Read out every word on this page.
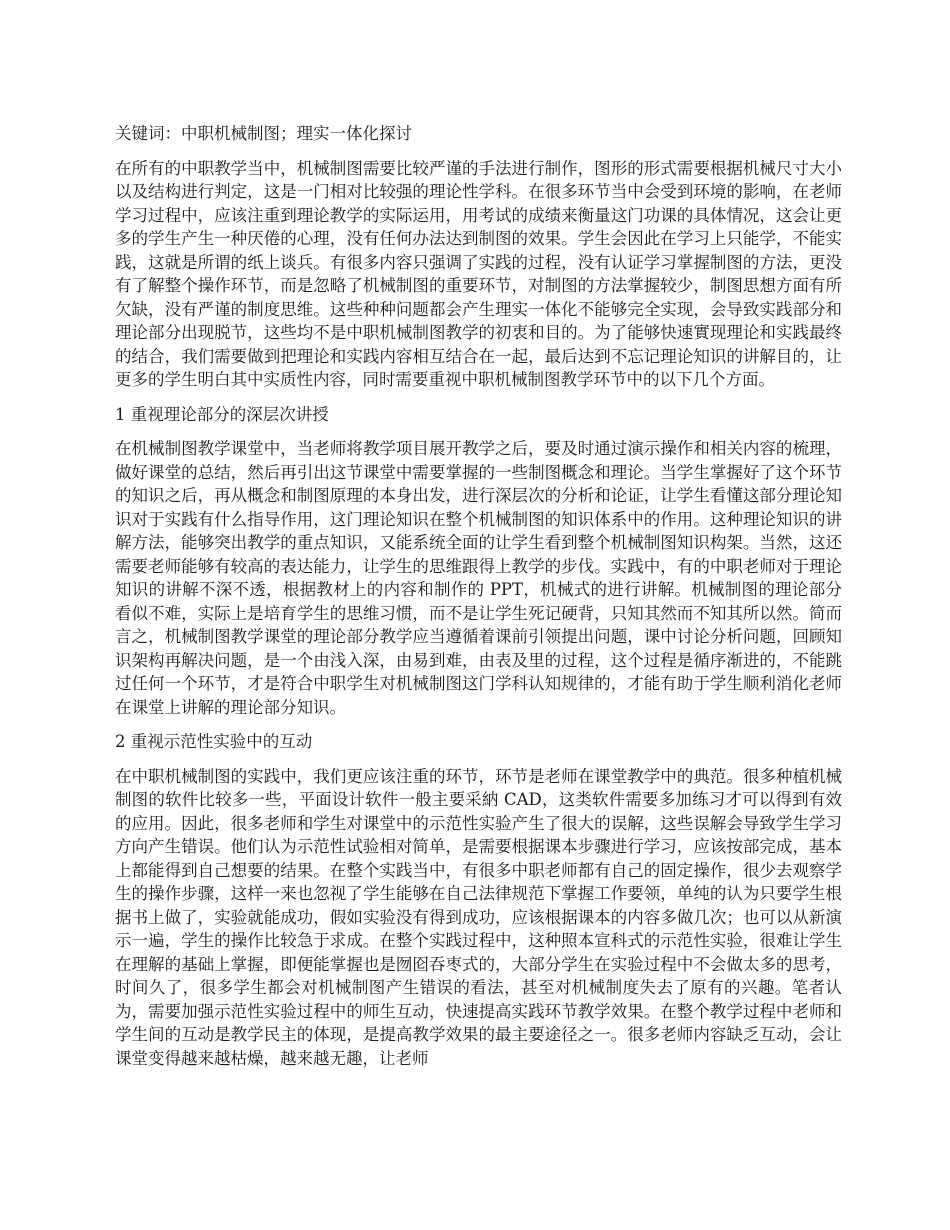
关键词：中职机械制图；理实一体化探讨
在所有的中职教学当中，机械制图需要比较严谨的手法进行制作，图形的形式需要根据机械尺寸大小以及结构进行判定，这是一门相对比较强的理论性学科。在很多环节当中会受到环境的影响，在老师学习过程中，应该注重到理论教学的实际运用，用考试的成绩来衡量这门功课的具体情况，这会让更多的学生产生一种厌倦的心理，没有任何办法达到制图的效果。学生会因此在学习上只能学，不能实践，这就是所谓的纸上谈兵。有很多内容只强调了实践的过程，没有认证学习掌握制图的方法，更没有了解整个操作环节，而是忽略了机械制图的重要环节，对制图的方法掌握较少，制图思想方面有所欠缺，没有严谨的制度思维。这些种种问题都会产生理实一体化不能够完全实现，会导致实践部分和理论部分出现脱节，这些均不是中职机械制图教学的初衷和目的。为了能够快速實现理论和实践最终的结合，我们需要做到把理论和实践内容相互结合在一起，最后达到不忘记理论知识的讲解目的，让更多的学生明白其中实质性内容，同时需要重视中职机械制图教学环节中的以下几个方面。
1 重视理论部分的深层次讲授
在机械制图教学课堂中，当老师将教学项目展开教学之后，要及时通过演示操作和相关内容的梳理，做好课堂的总结，然后再引出这节课堂中需要掌握的一些制图概念和理论。当学生掌握好了这个环节的知识之后，再从概念和制图原理的本身出发，进行深层次的分析和论证，让学生看懂这部分理论知识对于实践有什么指导作用，这门理论知识在整个机械制图的知识体系中的作用。这种理论知识的讲解方法，能够突出教学的重点知识，又能系统全面的让学生看到整个机械制图知识构架。当然，这还需要老师能够有较高的表达能力，让学生的思维跟得上教学的步伐。实践中，有的中职老师对于理论知识的讲解不深不透，根据教材上的内容和制作的 PPT，机械式的进行讲解。机械制图的理论部分看似不难，实际上是培育学生的思维习惯，而不是让学生死记硬背，只知其然而不知其所以然。简而言之，机械制图教学课堂的理论部分教学应当遵循着课前引领提出问题，课中讨论分析问题，回顾知识架构再解决问题，是一个由浅入深，由易到难，由表及里的过程，这个过程是循序渐进的，不能跳过任何一个环节，才是符合中职学生对机械制图这门学科认知规律的，才能有助于学生顺利消化老师在课堂上讲解的理论部分知识。
2 重视示范性实验中的互动
在中职机械制图的实践中，我们更应该注重的环节，环节是老师在课堂教学中的典范。很多种植机械制图的软件比较多一些，平面设计软件一般主要采納 CAD，这类软件需要多加练习才可以得到有效的应用。因此，很多老师和学生对课堂中的示范性实验产生了很大的误解，这些误解会导致学生学习方向产生错误。他们认为示范性试验相对简单，是需要根据课本步骤进行学习，应该按部完成，基本上都能得到自己想要的结果。在整个实践当中，有很多中职老师都有自己的固定操作，很少去观察学生的操作步骤，这样一来也忽视了学生能够在自己法律规范下掌握工作要领，单纯的认为只要学生根据书上做了，实验就能成功，假如实验没有得到成功，应该根据课本的内容多做几次；也可以从新演示一遍，学生的操作比较急于求成。在整个实践过程中，这种照本宣科式的示范性实验，很难让学生在理解的基础上掌握，即便能掌握也是囫囵吞枣式的，大部分学生在实验过程中不会做太多的思考，时间久了，很多学生都会对机械制图产生错误的看法，甚至对机械制度失去了原有的兴趣。笔者认为，需要加强示范性实验过程中的师生互动，快速提高实践环节教学效果。在整个教学过程中老师和学生间的互动是教学民主的体现，是提高教学效果的最主要途径之一。很多老师内容缺乏互动，会让课堂变得越来越枯燥，越来越无趣，让老师
